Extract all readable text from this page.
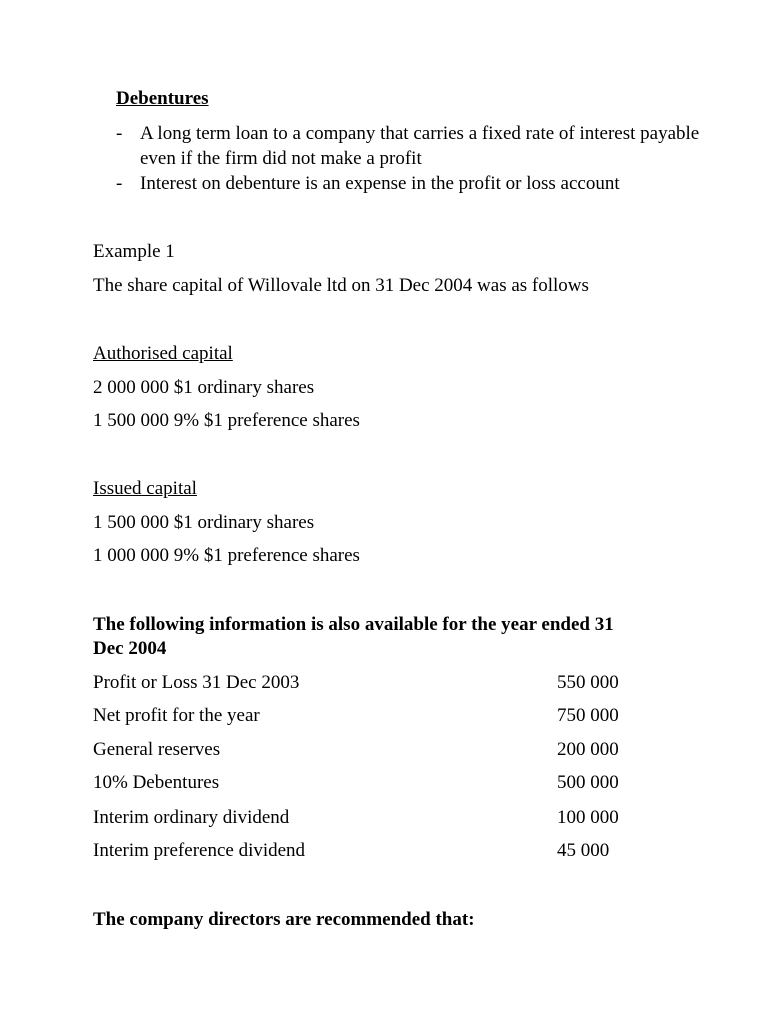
Debentures
- A long term loan to a company that carries a fixed rate of interest payable even if the firm did not make a profit
- Interest on debenture is an expense in the profit or loss account
Example 1
The share capital of Willovale ltd on 31 Dec 2004 was as follows
Authorised capital
2 000 000 $1 ordinary shares
1 500 000 9% $1 preference shares
Issued capital
1 500 000 $1 ordinary shares
1 000 000 9% $1 preference shares
The following information is also available for the year ended 31
Dec 2004
Profit or Loss 31 Dec 2003	550 000
Net profit for the year	750 000
General reserves	200 000
10% Debentures	500 000
Interim ordinary dividend	100 000
Interim preference dividend	45 000
The company directors are recommended that:
